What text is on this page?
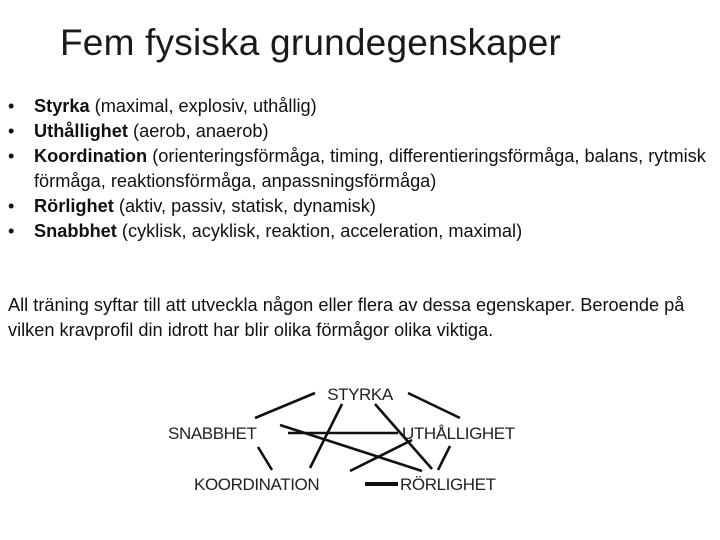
Fem fysiska grundegenskaper
• Styrka (maximal, explosiv, uthållig)
• Uthållighet (aerob, anaerob)
• Koordination (orienteringsförmåga, timing, differentieringsförmåga, balans, rytmisk förmåga, reaktionsförmåga, anpassningsförmåga)
• Rörlighet (aktiv, passiv, statisk, dynamisk)
• Snabbhet (cyklisk, acyklisk, reaktion, acceleration, maximal)

All träning syftar till att utveckla någon eller flera av dessa egenskaper. Beroende på vilken kravprofil din idrott har blir olika förmågor olika viktiga.

STYRKA
SNABBHET	UTHÅLLIGHET
KOORDINATION	RÖRLIGHET
